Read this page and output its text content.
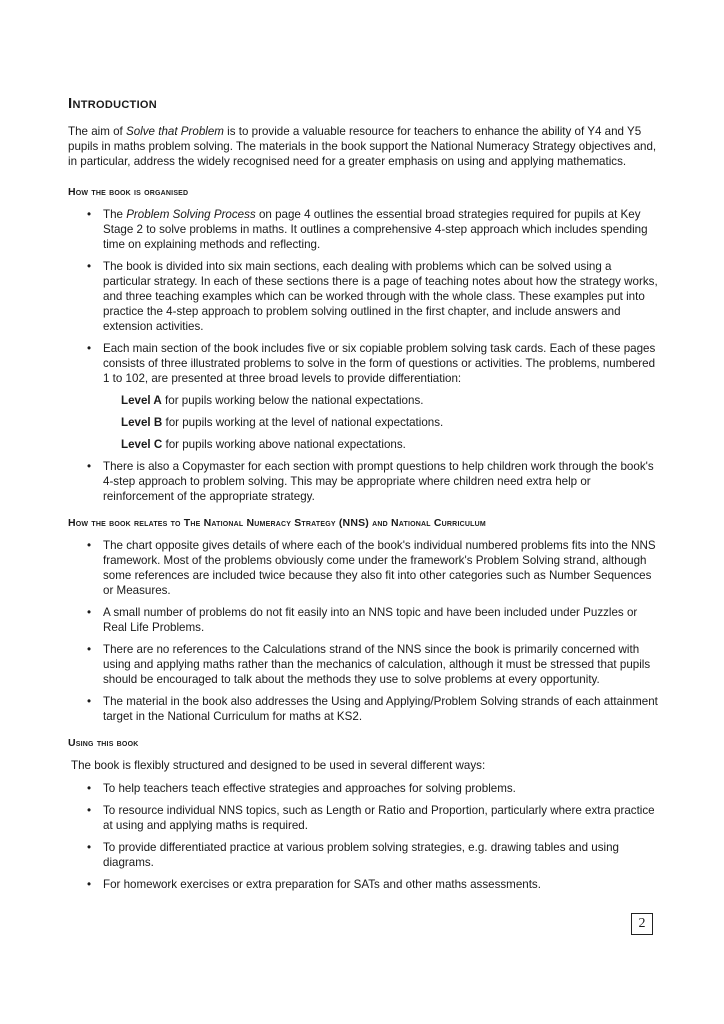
Introduction

The aim of Solve that Problem is to provide a valuable resource for teachers to enhance the ability of Y4 and Y5 pupils in maths problem solving. The materials in the book support the National Numeracy Strategy objectives and, in particular, address the widely recognised need for a greater emphasis on using and applying mathematics.

How the book is organised
• The Problem Solving Process on page 4 outlines the essential broad strategies required for pupils at Key Stage 2 to solve problems in maths. It outlines a comprehensive 4-step approach which includes spending time on explaining methods and reflecting.
• The book is divided into six main sections, each dealing with problems which can be solved using a particular strategy. In each of these sections there is a page of teaching notes about how the strategy works, and three teaching examples which can be worked through with the whole class. These examples put into practice the 4-step approach to problem solving outlined in the first chapter, and include answers and extension activities.
• Each main section of the book includes five or six copiable problem solving task cards. Each of these pages consists of three illustrated problems to solve in the form of questions or activities. The problems, numbered 1 to 102, are presented at three broad levels to provide differentiation:
Level A for pupils working below the national expectations.
Level B for pupils working at the level of national expectations.
Level C for pupils working above national expectations.
• There is also a Copymaster for each section with prompt questions to help children work through the book's 4-step approach to problem solving. This may be appropriate where children need extra help or reinforcement of the appropriate strategy.
How the book relates to The National Numeracy Strategy (NNS) and National Curriculum
• The chart opposite gives details of where each of the book's individual numbered problems fits into the NNS framework. Most of the problems obviously come under the framework's Problem Solving strand, although some references are included twice because they also fit into other categories such as Number Sequences or Measures.
• A small number of problems do not fit easily into an NNS topic and have been included under Puzzles or Real Life Problems.
• There are no references to the Calculations strand of the NNS since the book is primarily concerned with using and applying maths rather than the mechanics of calculation, although it must be stressed that pupils should be encouraged to talk about the methods they use to solve problems at every opportunity.
• The material in the book also addresses the Using and Applying/Problem Solving strands of each attainment target in the National Curriculum for maths at KS2.
Using this book

The book is flexibly structured and designed to be used in several different ways:

• To help teachers teach effective strategies and approaches for solving problems.
• To resource individual NNS topics, such as Length or Ratio and Proportion, particularly where extra practice at using and applying maths is required.
• To provide differentiated practice at various problem solving strategies, e.g. drawing tables and using diagrams.
• For homework exercises or extra preparation for SATs and other maths assessments.
2
